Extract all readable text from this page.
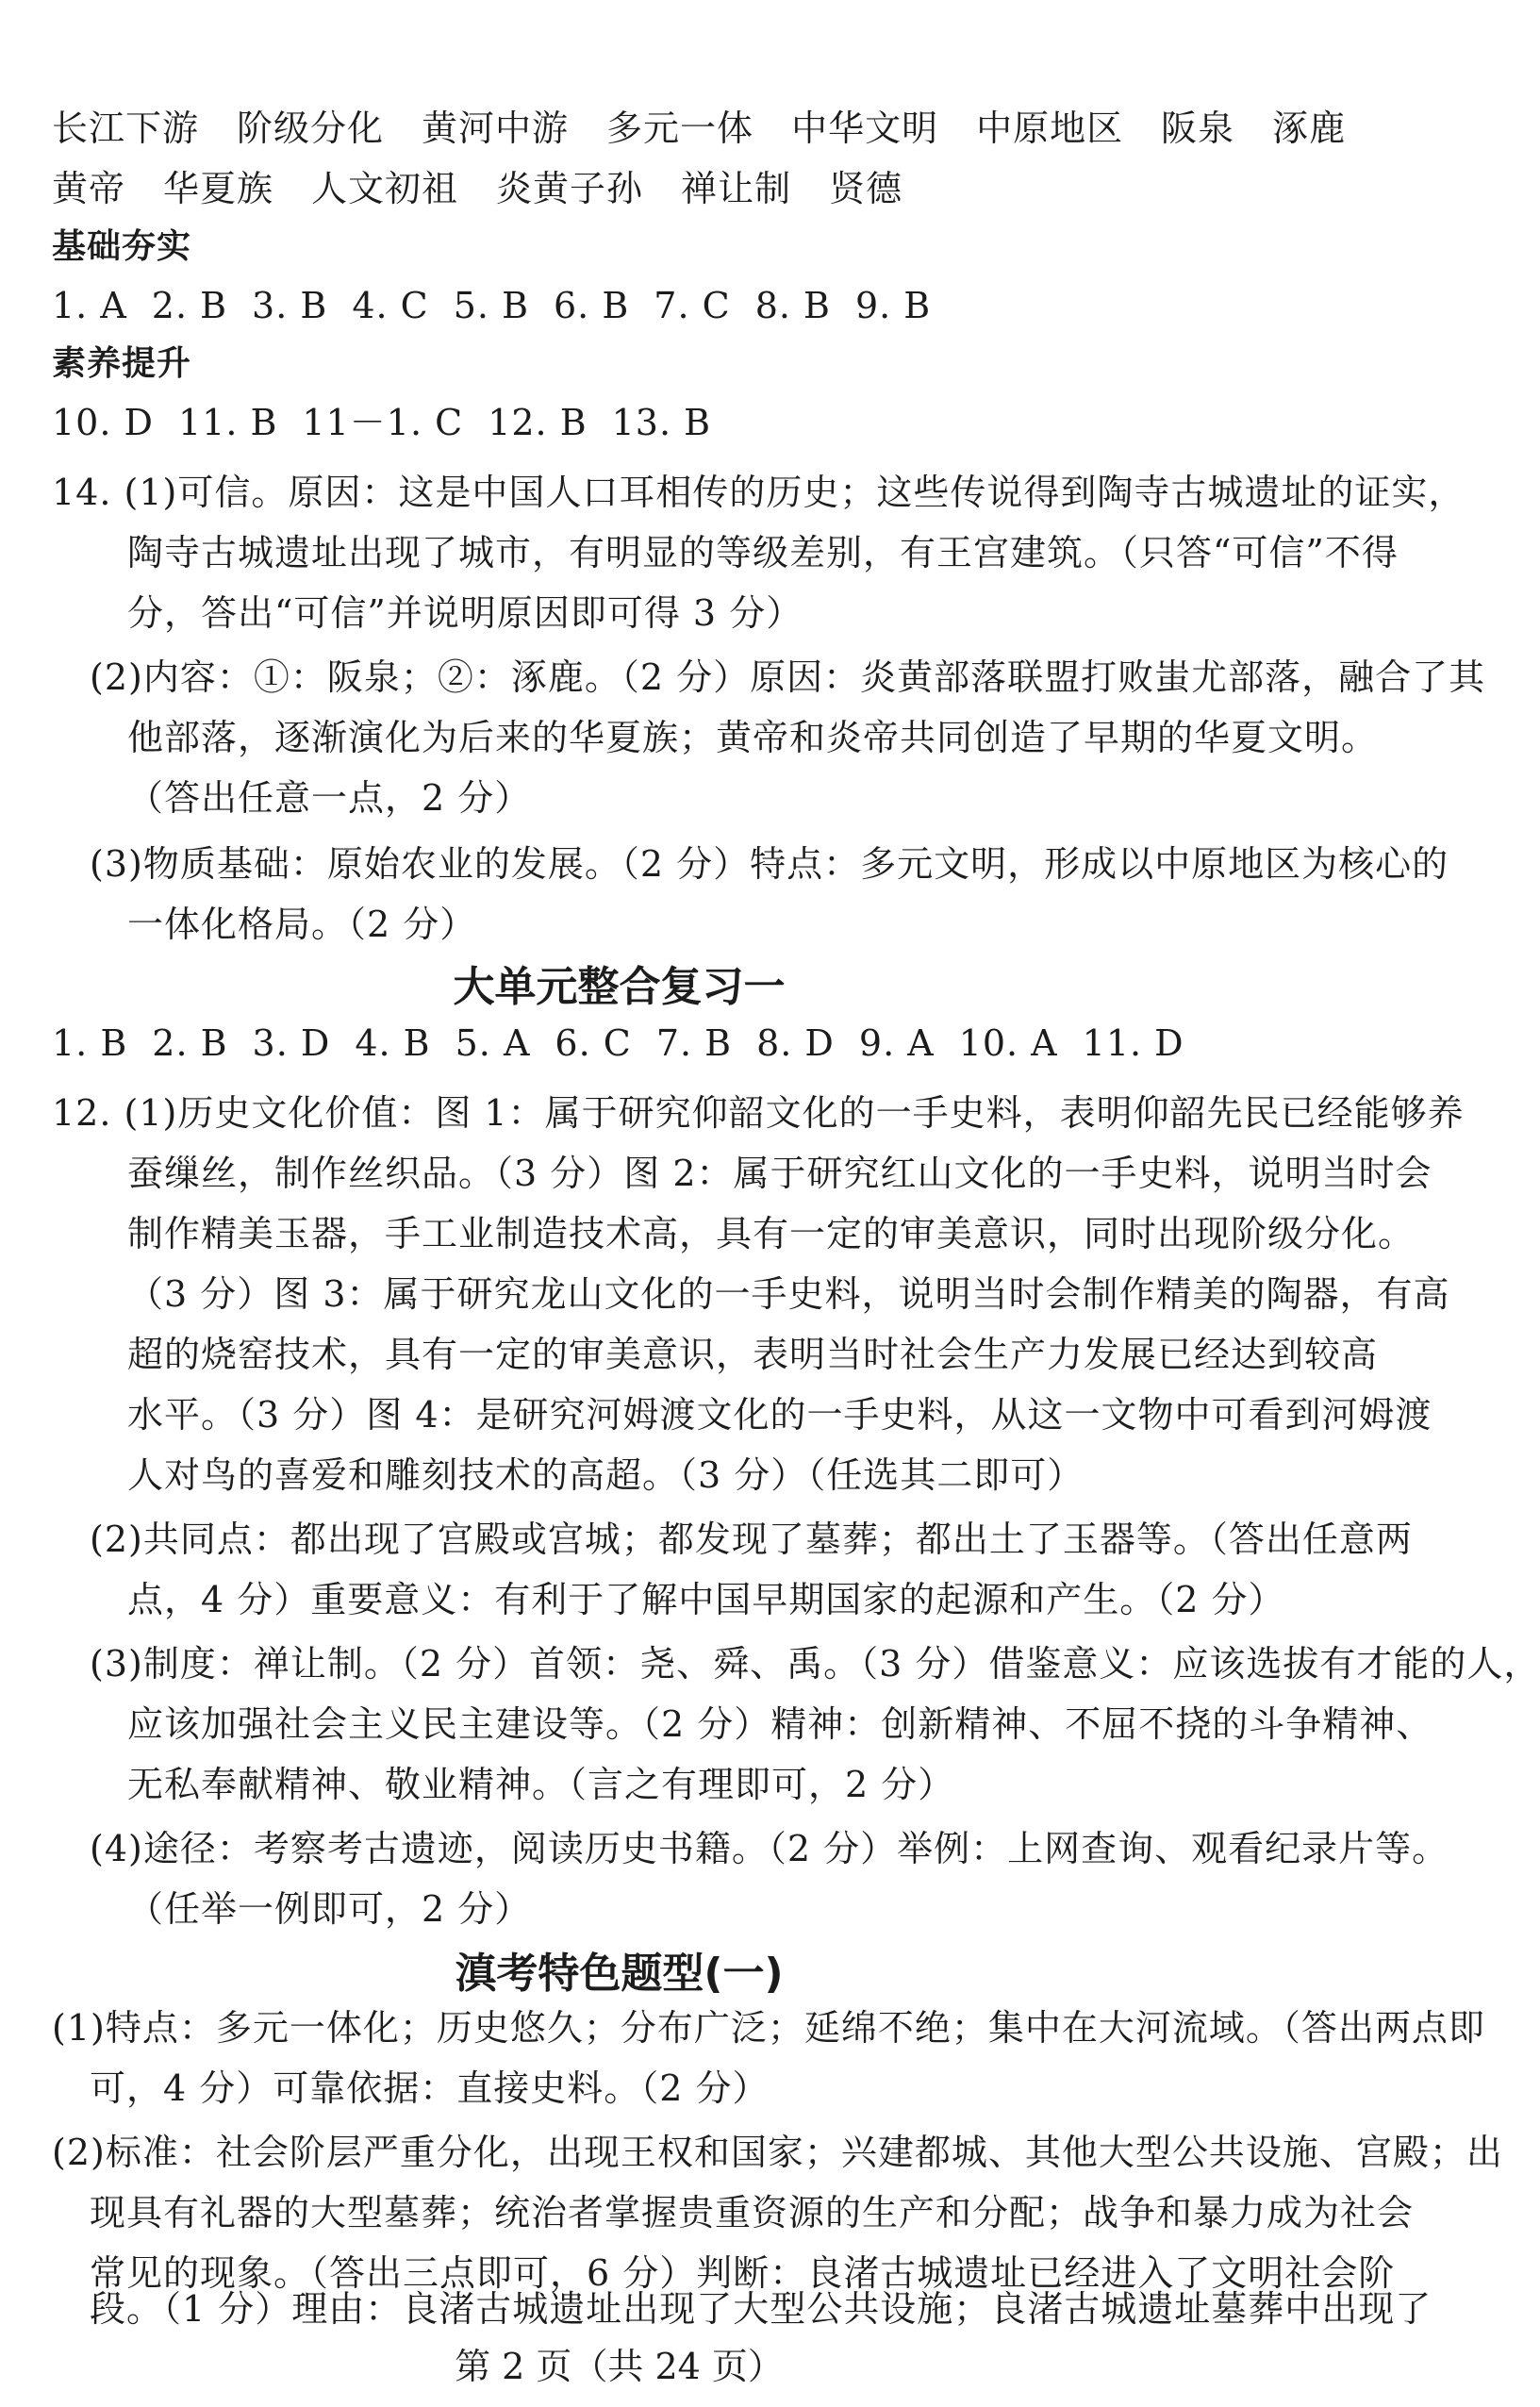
长江下游 阶级分化 黄河中游 多元一体 中华文明 中原地区 阪泉 涿鹿
黄帝 华夏族 人文初祖 炎黄子孙 禅让制 贤德
基础夯实
1. A 2. B 3. B 4. C 5. B 6. B 7. C 8. B 9. B
素养提升
10. D 11. B 11－1. C 12. B 13. B
14. (1)可信。原因：这是中国人口耳相传的历史；这些传说得到陶寺古城遗址的证实，
陶寺古城遗址出现了城市，有明显的等级差别，有王宫建筑。（只答“可信”不得
分，答出“可信”并说明原因即可得 3 分）
(2)内容：①：阪泉；②：涿鹿。（2 分）原因：炎黄部落联盟打败蚩尤部落，融合了其
他部落，逐渐演化为后来的华夏族；黄帝和炎帝共同创造了早期的华夏文明。
（答出任意一点，2 分）
(3)物质基础：原始农业的发展。（2 分）特点：多元文明，形成以中原地区为核心的
一体化格局。（2 分）
大单元整合复习一
1. B 2. B 3. D 4. B 5. A 6. C 7. B 8. D 9. A 10. A 11. D
12. (1)历史文化价值：图 1：属于研究仰韶文化的一手史料，表明仰韶先民已经能够养
蚕缫丝，制作丝织品。（3 分）图 2：属于研究红山文化的一手史料，说明当时会
制作精美玉器，手工业制造技术高，具有一定的审美意识，同时出现阶级分化。
（3 分）图 3：属于研究龙山文化的一手史料，说明当时会制作精美的陶器，有高
超的烧窑技术，具有一定的审美意识，表明当时社会生产力发展已经达到较高
水平。（3 分）图 4：是研究河姆渡文化的一手史料，从这一文物中可看到河姆渡
人对鸟的喜爱和雕刻技术的高超。（3 分）（任选其二即可）
(2)共同点：都出现了宫殿或宫城；都发现了墓葬；都出土了玉器等。（答出任意两
点，4 分）重要意义：有利于了解中国早期国家的起源和产生。（2 分）
(3)制度：禅让制。（2 分）首领：尧、舜、禹。（3 分）借鉴意义：应该选拔有才能的人，
应该加强社会主义民主建设等。（2 分）精神：创新精神、不屈不挠的斗争精神、
无私奉献精神、敬业精神。（言之有理即可，2 分）
(4)途径：考察考古遗迹，阅读历史书籍。（2 分）举例：上网查询、观看纪录片等。
（任举一例即可，2 分）
滇考特色题型(一)
(1)特点：多元一体化；历史悠久；分布广泛；延绵不绝；集中在大河流域。（答出两点即
可，4 分）可靠依据：直接史料。（2 分）
(2)标准：社会阶层严重分化，出现王权和国家；兴建都城、其他大型公共设施、宫殿；出
现具有礼器的大型墓葬；统治者掌握贵重资源的生产和分配；战争和暴力成为社会
常见的现象。（答出三点即可，6 分）判断：良渚古城遗址已经进入了文明社会阶
段。（1 分）理由：良渚古城遗址出现了大型公共设施；良渚古城遗址墓葬中出现了
第 2 页（共 24 页）
